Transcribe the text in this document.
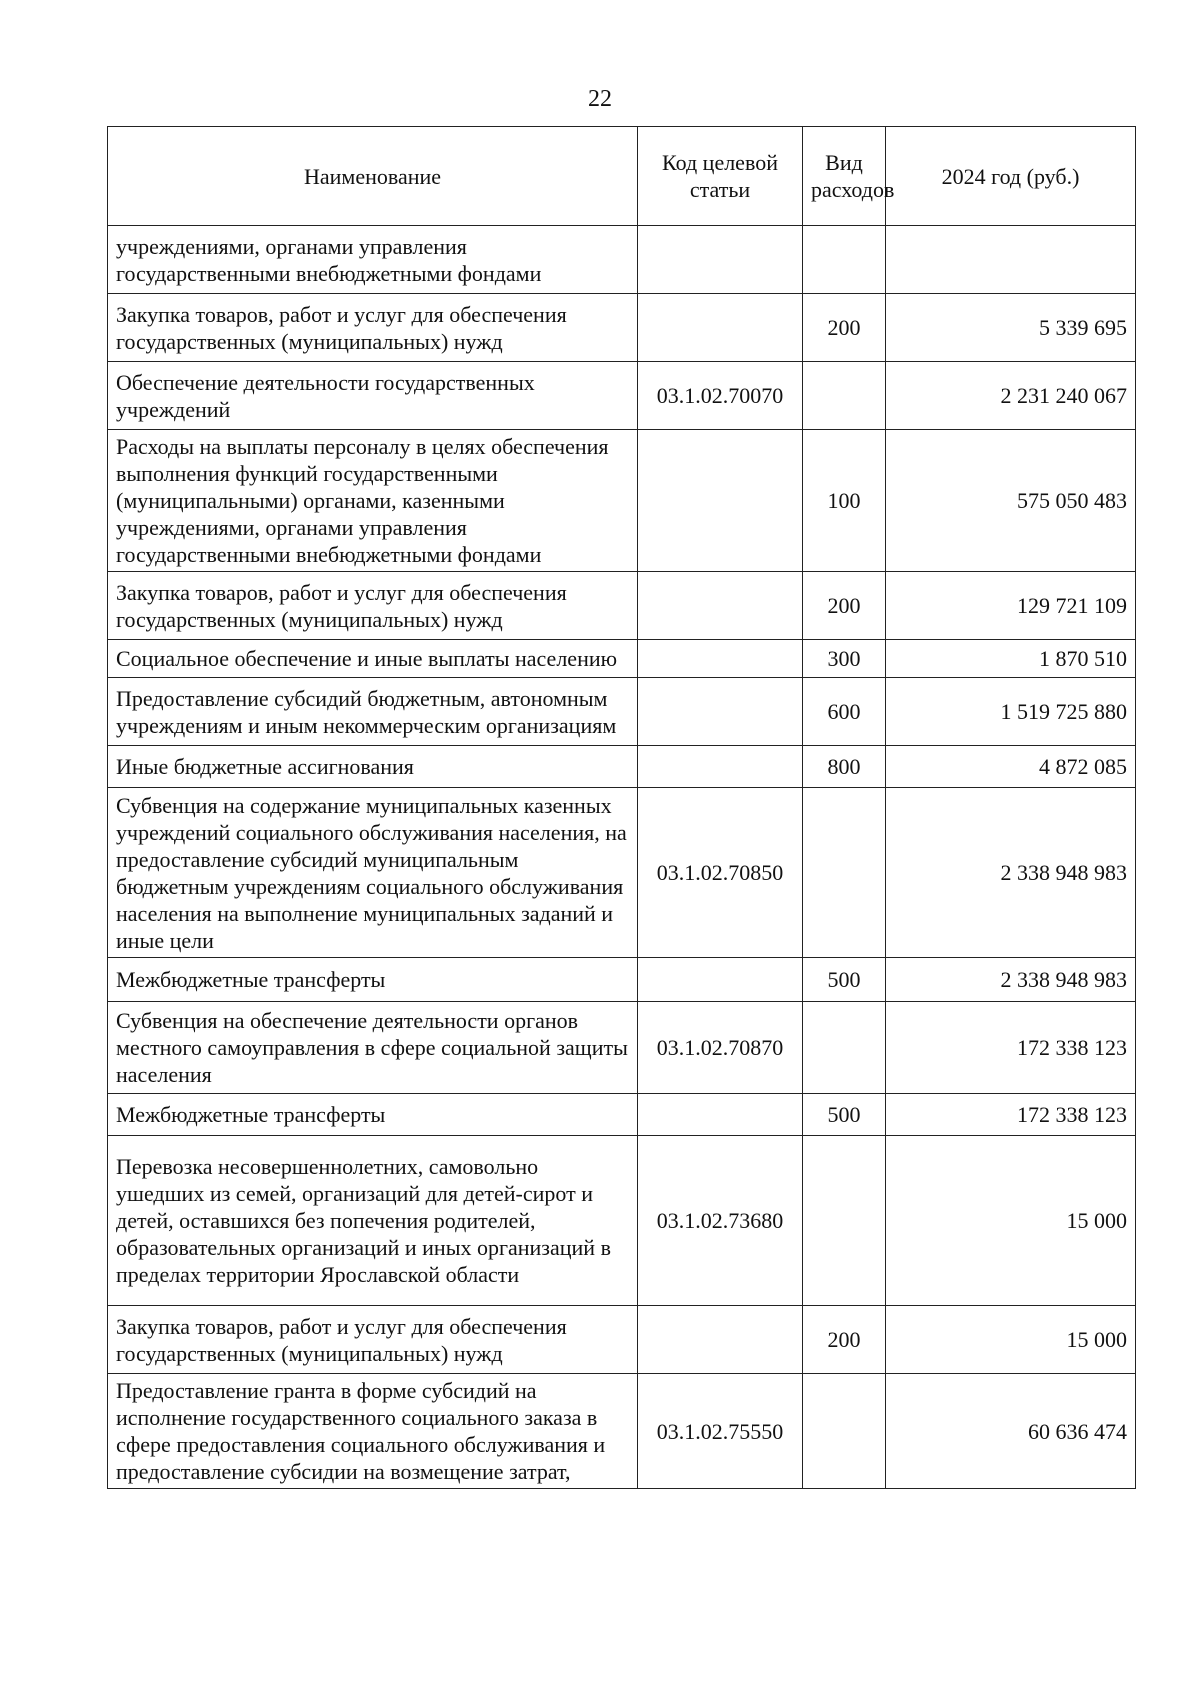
22
Наименование	Код целевой статьи	Вид расходов	2024 год (руб.)
учреждениями, органами управления государственными внебюджетными фондами			
Закупка товаров, работ и услуг для обеспечения государственных (муниципальных) нужд		200	5 339 695
Обеспечение деятельности государственных учреждений	03.1.02.70070		2 231 240 067
Расходы на выплаты персоналу в целях обеспечения выполнения функций государственными (муниципальными) органами, казенными учреждениями, органами управления государственными внебюджетными фондами		100	575 050 483
Закупка товаров, работ и услуг для обеспечения государственных (муниципальных) нужд		200	129 721 109
Социальное обеспечение и иные выплаты населению		300	1 870 510
Предоставление субсидий бюджетным, автономным учреждениям и иным некоммерческим организациям		600	1 519 725 880
Иные бюджетные ассигнования		800	4 872 085
Субвенция на содержание муниципальных казенных учреждений социального обслуживания населения, на предоставление субсидий муниципальным бюджетным учреждениям социального обслуживания населения на выполнение муниципальных заданий и иные цели	03.1.02.70850		2 338 948 983
Межбюджетные трансферты		500	2 338 948 983
Субвенция на обеспечение деятельности органов местного самоуправления в сфере социальной защиты населения	03.1.02.70870		172 338 123
Межбюджетные трансферты		500	172 338 123
Перевозка несовершеннолетних, самовольно ушедших из семей, организаций для детей-сирот и детей, оставшихся без попечения родителей, образовательных организаций и иных организаций в пределах территории Ярославской области	03.1.02.73680		15 000
Закупка товаров, работ и услуг для обеспечения государственных (муниципальных) нужд		200	15 000
Предоставление гранта в форме субсидий на исполнение государственного социального заказа в сфере предоставления социального обслуживания и предоставление субсидии на возмещение затрат,	03.1.02.75550		60 636 474
